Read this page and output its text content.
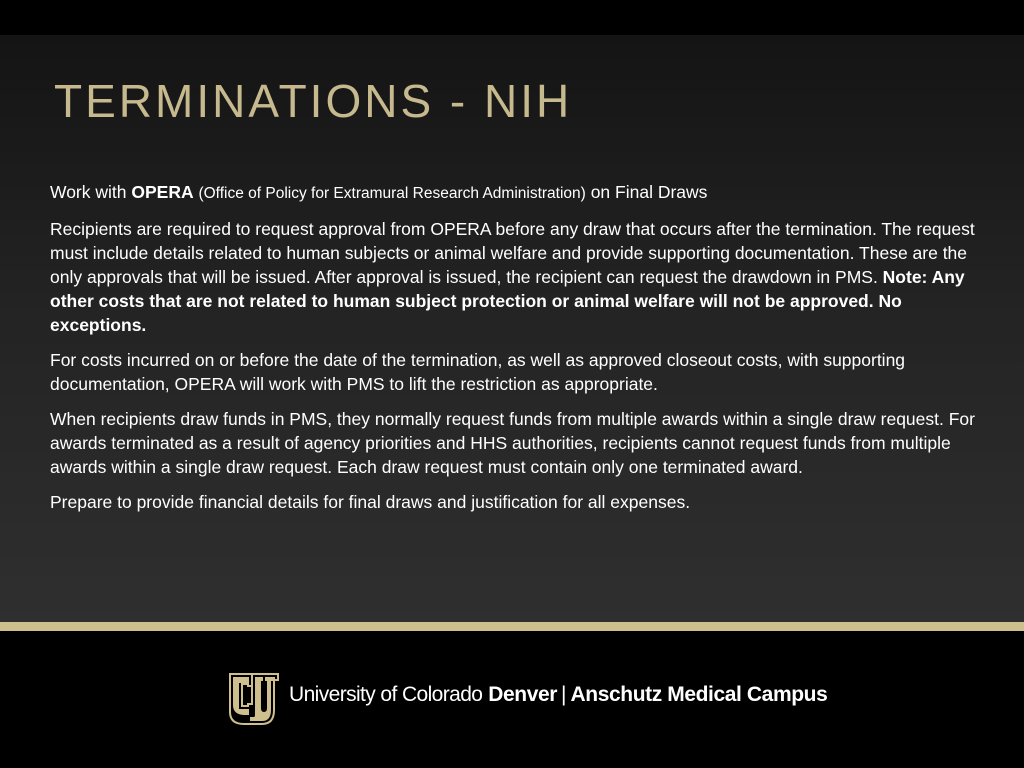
TERMINATIONS - NIH

Work with OPERA (Office of Policy for Extramural Research Administration) on Final Draws

Recipients are required to request approval from OPERA before any draw that occurs after the termination. The request must include details related to human subjects or animal welfare and provide supporting documentation. These are the only approvals that will be issued. After approval is issued, the recipient can request the drawdown in PMS. Note: Any other costs that are not related to human subject protection or animal welfare will not be approved. No exceptions.

For costs incurred on or before the date of the termination, as well as approved closeout costs, with supporting documentation, OPERA will work with PMS to lift the restriction as appropriate.

When recipients draw funds in PMS, they normally request funds from multiple awards within a single draw request. For awards terminated as a result of agency priorities and HHS authorities, recipients cannot request funds from multiple awards within a single draw request. Each draw request must contain only one terminated award.

Prepare to provide financial details for final draws and justification for all expenses.

University of Colorado Denver | Anschutz Medical Campus
